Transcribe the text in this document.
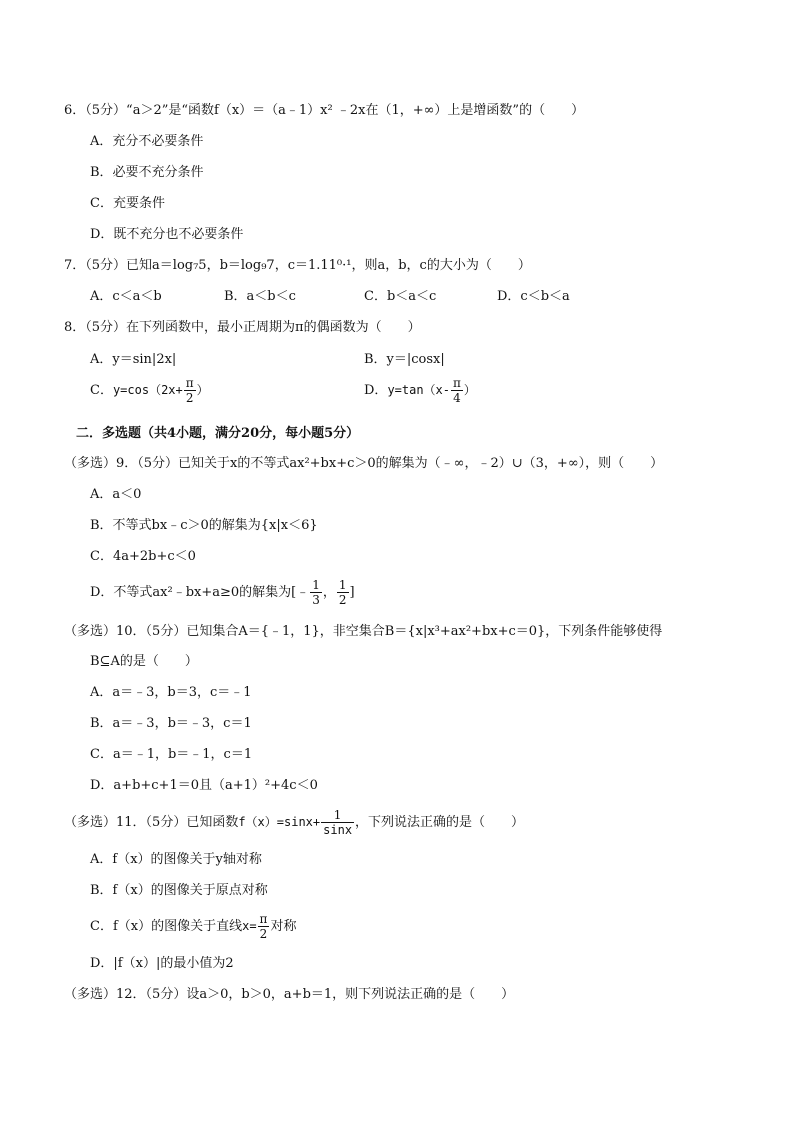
6．（5分）“a＞2”是“函数f（x）＝（a﹣1）x² ﹣2x在（1，+∞）上是增函数”的（　　）
A．充分不必要条件
B．必要不充分条件
C．充要条件
D．既不充分也不必要条件
7．（5分）已知a＝log₇5，b＝log₉7，c＝1.11⁰·¹，则a，b，c的大小为（　　）
A．c＜a＜b	B．a＜b＜c	C．b＜a＜c	D．c＜b＜a
8．（5分）在下列函数中，最小正周期为π的偶函数为（　　）
A．y＝sin|2x|	B．y＝|cosx|
C．$y=\cos(2x+ \frac{\pi}{2}$ ）	D．$y=\tan(x- \frac{\pi}{4}$ ）
二．多选题（共4小题，满分20分，每小题5分）
（多选）9．（5分）已知关于x的不等式ax²+bx+c＞0的解集为（﹣∞，﹣2）∪（3，+∞），则（　　）
A．a＜0
B．不等式bx﹣c＞0的解集为{x|x＜6}
C．4a+2b+c＜0
D．不等式ax²﹣bx+a≥0的解集为[﹣ $\frac{1}{3}$ ， $\frac{1}{2}$ ]
（多选）10．（5分）已知集合A＝{﹣1，1}，非空集合B＝{x|x³+ax²+bx+c＝0}，下列条件能够使得
B⊆A的是（　　）
A．a＝﹣3，b＝3，c＝﹣1
B．a＝﹣3，b＝﹣3，c＝1
C．a＝﹣1，b＝﹣1，c＝1
D．a+b+c+1＝0且（a+1）²+4c＜0
（多选）11．（5分）已知函数$f(x)=\sin x+ \frac{1}{\sin x}$ ，下列说法正确的是（　　）
A．f（x）的图像关于y轴对称
B．f（x）的图像关于原点对称
C．f（x）的图像关于直线$x= \frac{\pi}{2}$ 对称
D．|f（x）|的最小值为2
（多选）12．（5分）设a＞0，b＞0，a+b＝1，则下列说法正确的是（　　）
